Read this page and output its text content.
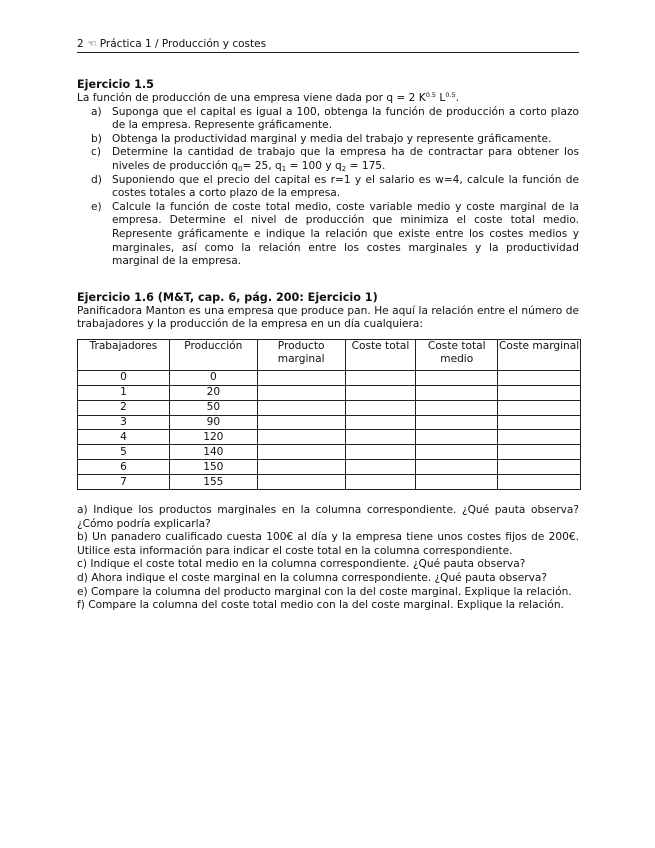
2 ☜ Práctica 1 / Producción y costes

Ejercicio 1.5

La función de producción de una empresa viene dada por q = 2 $K^{0.5}$ $L^{0.5}$.

a) Suponga que el capital es igual a 100, obtenga la función de producción a corto plazo de la empresa. Represente gráficamente.
b) Obtenga la productividad marginal y media del trabajo y represente gráficamente.
c) Determine la cantidad de trabajo que la empresa ha de contractar para obtener los niveles de producción $q_0= 25$, $q_1 = 100$ y $q_2 = 175$.
d) Suponiendo que el precio del capital es r=1 y el salario es w=4, calcule la función de costes totales a corto plazo de la empresa.
e) Calcule la función de coste total medio, coste variable medio y coste marginal de la empresa. Determine el nivel de producción que minimiza el coste total medio. Represente gráficamente e indique la relación que existe entre los costes medios y marginales, así como la relación entre los costes marginales y la productividad marginal de la empresa.

Ejercicio 1.6 (M&T, cap. 6, pág. 200: Ejercicio 1)

Panificadora Manton es una empresa que produce pan. He aquí la relación entre el número de trabajadores y la producción de la empresa en un día cualquiera:

Trabajadores	Producción	Producto marginal	Coste total	Coste total medio	Coste marginal
0	0				
1	20				
2	50				
3	90				
4	120				
5	140				
6	150				
7	155				

a) Indique los productos marginales en la columna correspondiente. ¿Qué pauta observa? ¿Cómo podría explicarla?

b) Un panadero cualificado cuesta 100€ al día y la empresa tiene unos costes fijos de 200€. Utilice esta información para indicar el coste total en la columna correspondiente.

c) Indique el coste total medio en la columna correspondiente. ¿Qué pauta observa?

d) Ahora indique el coste marginal en la columna correspondiente. ¿Qué pauta observa?

e) Compare la columna del producto marginal con la del coste marginal. Explique la relación.

f) Compare la columna del coste total medio con la del coste marginal. Explique la relación.
